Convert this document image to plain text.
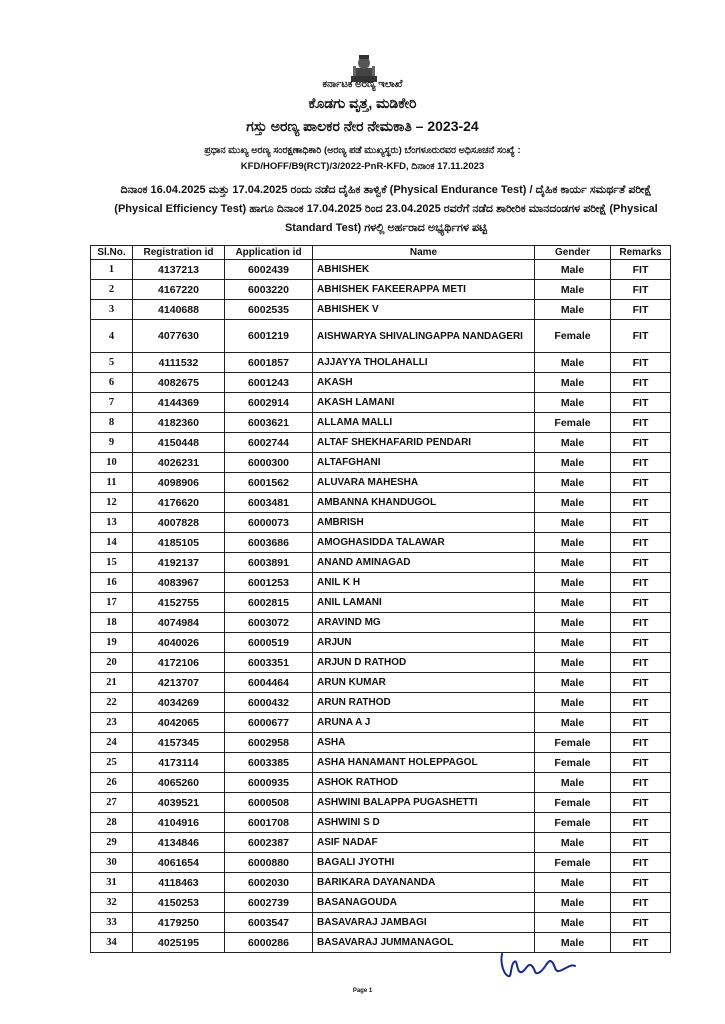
ಕರ್ನಾಟಕ ಅರಣ್ಯ ಇಲಾಖೆ
ಕೊಡಗು ವೃತ್ತ, ಮಡಿಕೇರಿ
ಗಸ್ತು ಅರಣ್ಯ ಪಾಲಕರ ನೇರ ನೇಮಕಾತಿ – 2023-24
ಪ್ರಧಾನ ಮುಖ್ಯ ಅರಣ್ಯ ಸಂರಕ್ಷಣಾಧಿಕಾರಿ (ಅರಣ್ಯ ಪಡೆ ಮುಖ್ಯಸ್ಥರು) ಬೆಂಗಳೂರುರವರ ಅಧಿಸೂಚನೆ ಸಂಖ್ಯೆ :
KFD/HOFF/B9(RCT)/3/2022-PnR-KFD, ದಿನಾಂಕ 17.11.2023
ದಿನಾಂಕ 16.04.2025 ಮತ್ತು 17.04.2025 ರಂದು ನಡೆದ ದೈಹಿಕ ತಾಳ್ವಿಕೆ (Physical Endurance Test) / ದೈಹಿಕ ಕಾರ್ಯ ಸಮರ್ಥತೆ ಪರೀಕ್ಷೆ (Physical Efficiency Test) ಹಾಗೂ ದಿನಾಂಕ 17.04.2025 ರಿಂದ 23.04.2025 ರವರೆಗೆ ನಡೆದ ಶಾರೀರಿಕ ಮಾನದಂಡಗಳ ಪರೀಕ್ಷೆ (Physical Standard Test) ಗಳಲ್ಲಿ ಅರ್ಹರಾದ ಅಭ್ಯರ್ಥಿಗಳ ಪಟ್ಟಿ
Sl.No.	Registration id	Application id	Name	Gender	Remarks
1	4137213	6002439	ABHISHEK	Male	FIT
2	4167220	6003220	ABHISHEK FAKEERAPPA METI	Male	FIT
3	4140688	6002535	ABHISHEK V	Male	FIT
4	4077630	6001219	AISHWARYA SHIVALINGAPPA NANDAGERI	Female	FIT
5	4111532	6001857	AJJAYYA THOLAHALLI	Male	FIT
6	4082675	6001243	AKASH	Male	FIT
7	4144369	6002914	AKASH LAMANI	Male	FIT
8	4182360	6003621	ALLAMA MALLI	Female	FIT
9	4150448	6002744	ALTAF SHEKHAFARID PENDARI	Male	FIT
10	4026231	6000300	ALTAFGHANI	Male	FIT
11	4098906	6001562	ALUVARA MAHESHA	Male	FIT
12	4176620	6003481	AMBANNA KHANDUGOL	Male	FIT
13	4007828	6000073	AMBRISH	Male	FIT
14	4185105	6003686	AMOGHASIDDA TALAWAR	Male	FIT
15	4192137	6003891	ANAND AMINAGAD	Male	FIT
16	4083967	6001253	ANIL K H	Male	FIT
17	4152755	6002815	ANIL LAMANI	Male	FIT
18	4074984	6003072	ARAVIND MG	Male	FIT
19	4040026	6000519	ARJUN	Male	FIT
20	4172106	6003351	ARJUN D RATHOD	Male	FIT
21	4213707	6004464	ARUN KUMAR	Male	FIT
22	4034269	6000432	ARUN RATHOD	Male	FIT
23	4042065	6000677	ARUNA A J	Male	FIT
24	4157345	6002958	ASHA	Female	FIT
25	4173114	6003385	ASHA HANAMANT HOLEPPAGOL	Female	FIT
26	4065260	6000935	ASHOK RATHOD	Male	FIT
27	4039521	6000508	ASHWINI BALAPPA PUGASHETTI	Female	FIT
28	4104916	6001708	ASHWINI S D	Female	FIT
29	4134846	6002387	ASIF NADAF	Male	FIT
30	4061654	6000880	BAGALI JYOTHI	Female	FIT
31	4118463	6002030	BARIKARA DAYANANDA	Male	FIT
32	4150253	6002739	BASANAGOUDA	Male	FIT
33	4179250	6003547	BASAVARAJ JAMBAGI	Male	FIT
34	4025195	6000286	BASAVARAJ JUMMANAGOL	Male	FIT
Page 1
